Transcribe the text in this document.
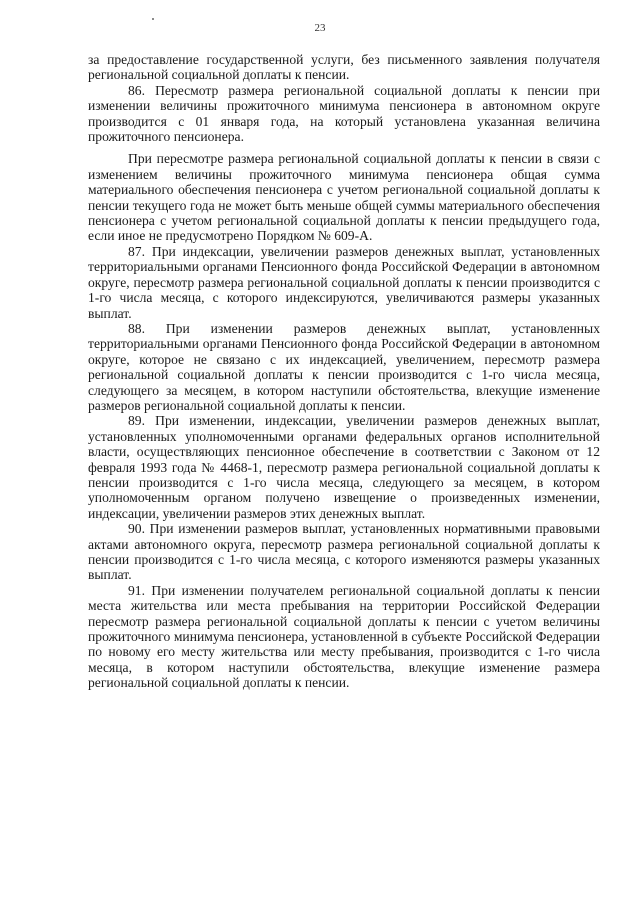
23

за предоставление государственной услуги, без письменного заявления получателя региональной социальной доплаты к пенсии.

86. Пересмотр размера региональной социальной доплаты к пенсии при изменении величины прожиточного минимума пенсионера в автономном округе производится с 01 января года, на который установлена указанная величина прожиточного пенсионера.

При пересмотре размера региональной социальной доплаты к пенсии в связи с изменением величины прожиточного минимума пенсионера общая сумма материального обеспечения пенсионера с учетом региональной социальной доплаты к пенсии текущего года не может быть меньше общей суммы материального обеспечения пенсионера с учетом региональной социальной доплаты к пенсии предыдущего года, если иное не предусмотрено Порядком № 609-А.

87. При индексации, увеличении размеров денежных выплат, установленных территориальными органами Пенсионного фонда Российской Федерации в автономном округе, пересмотр размера региональной социальной доплаты к пенсии производится с 1-го числа месяца, с которого индексируются, увеличиваются размеры указанных выплат.

88. При изменении размеров денежных выплат, установленных территориальными органами Пенсионного фонда Российской Федерации в автономном округе, которое не связано с их индексацией, увеличением, пересмотр размера региональной социальной доплаты к пенсии производится с 1-го числа месяца, следующего за месяцем, в котором наступили обстоятельства, влекущие изменение размеров региональной социальной доплаты к пенсии.

89. При изменении, индексации, увеличении размеров денежных выплат, установленных уполномоченными органами федеральных органов исполнительной власти, осуществляющих пенсионное обеспечение в соответствии с Законом от 12 февраля 1993 года № 4468-1, пересмотр размера региональной социальной доплаты к пенсии производится с 1-го числа месяца, следующего за месяцем, в котором уполномоченным органом получено извещение о произведенных изменении, индексации, увеличении размеров этих денежных выплат.

90. При изменении размеров выплат, установленных нормативными правовыми актами автономного округа, пересмотр размера региональной социальной доплаты к пенсии производится с 1-го числа месяца, с которого изменяются размеры указанных выплат.

91. При изменении получателем региональной социальной доплаты к пенсии места жительства или места пребывания на территории Российской Федерации пересмотр размера региональной социальной доплаты к пенсии с учетом величины прожиточного минимума пенсионера, установленной в субъекте Российской Федерации по новому его месту жительства или месту пребывания, производится с 1-го числа месяца, в котором наступили обстоятельства, влекущие изменение размера региональной социальной доплаты к пенсии.
